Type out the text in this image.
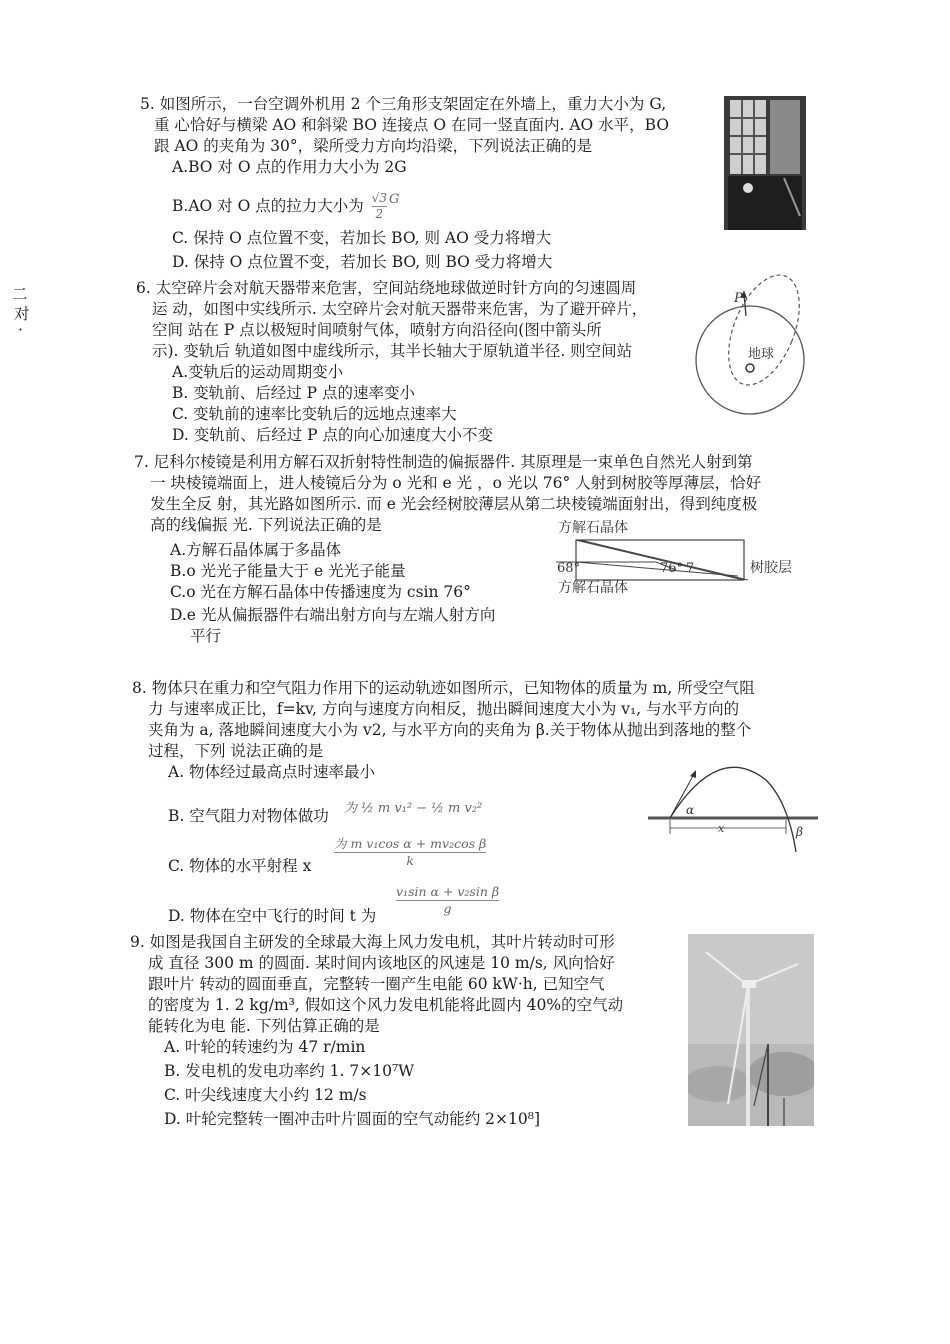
二
对
·
5. 如图所示，一台空调外机用 2 个三角形支架固定在外墙上，重力大小为 G,
重 心恰好与横梁 AO 和斜梁 BO 连接点 O 在同一竖直面内. AO 水平，BO
跟 AO 的夹角为 30°，梁所受力方向均沿梁，下列说法正确的是
A.BO 对 O 点的作用力大小为 2G
B.AO 对 O 点的拉力大小为 $\frac{√3}{2}$ G
C. 保持 O 点位置不变，若加长 BO, 则 AO 受力将增大
D. 保持 O 点位置不变，若加长 BO, 则 BO 受力将增大
6. 太空碎片会对航天器带来危害，空间站绕地球做逆时针方向的匀速圆周
运 动，如图中实线所示. 太空碎片会对航天器带来危害，为了避开碎片，
空间 站在 P 点以极短时间喷射气体，喷射方向沿径向(图中箭头所
示). 变轨后 轨道如图中虚线所示，其半长轴大于原轨道半径. 则空间站
A.变轨后的运动周期变小
B. 变轨前、后经过 P 点的速率变小
C. 变轨前的速率比变轨后的远地点速率大
D. 变轨前、后经过 P 点的向心加速度大小不变
P
地球
7. 尼科尔棱镜是利用方解石双折射特性制造的偏振器件. 其原理是一束单色自然光人射到第
一 块棱镜端面上，进人棱镜后分为 o 光和 e 光 ，o 光以 76° 人射到树胶等厚薄层，恰好
发生全反 射，其光路如图所示. 而 e 光会经树胶薄层从第二块棱镜端面射出，得到纯度极
高的线偏振 光. 下列说法正确的是
A.方解石晶体属于多晶体
B.o 光光子能量大于 e 光光子能量
C.o 光在方解石晶体中传播速度为 csin 76°
D.e 光从偏振器件右端出射方向与左端人射方向
平行
68°	76° 7
方解石晶体
方解石晶体
树胶层
8. 物体只在重力和空气阻力作用下的运动轨迹如图所示，已知物体的质量为 m, 所受空气阻
力 与速率成正比，f=kv, 方向与速度方向相反，抛出瞬间速度大小为 v₁, 与水平方向的
夹角为 a, 落地瞬间速度大小为 v2, 与水平方向的夹角为 β.关于物体从抛出到落地的整个
过程，下列 说法正确的是
A. 物体经过最高点时速率最小
B. 空气阻力对物体做功 为 ½ m v₁² − ½ m v₂²
C. 物体的水平射程 x
为 m v₁cos α + mv₂cos β
k
D. 物体在空中飞行的时间 t 为
v₁sin α + v₂sin β
g
α
x	β
9. 如图是我国自主研发的全球最大海上风力发电机，其叶片转动时可形
成 直径 300 m 的圆面. 某时间内该地区的风速是 10 m/s, 风向恰好
跟叶片 转动的圆面垂直，完整转一圈产生电能 60 kW·h, 已知空气
的密度为 1. 2 kg/m³, 假如这个风力发电机能将此圆内 40%的空气动
能转化为电 能. 下列估算正确的是
A. 叶轮的转速约为 47 r/min
B. 发电机的发电功率约 1. 7×10⁷W
C. 叶尖线速度大小约 12 m/s
D. 叶轮完整转一圈冲击叶片圆面的空气动能约 2×10⁸]
